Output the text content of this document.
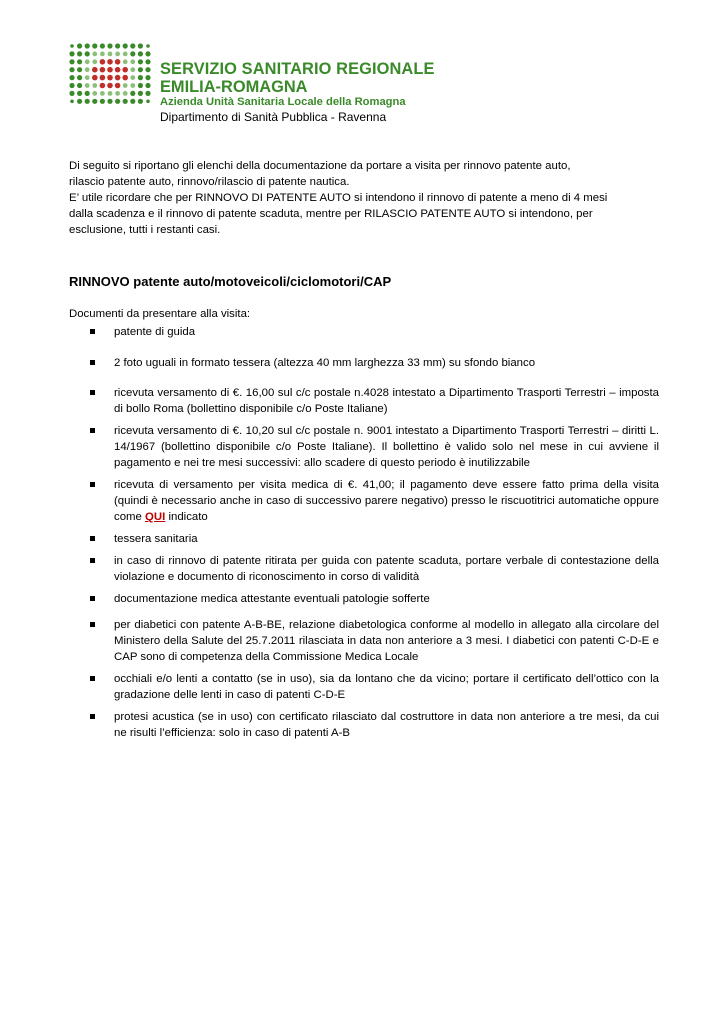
SERVIZIO SANITARIO REGIONALE

EMILIA-ROMAGNA

Azienda Unità Sanitaria Locale della Romagna

Dipartimento di Sanità Pubblica - Ravenna

Di seguito si riportano gli elenchi della documentazione da portare a visita per rinnovo patente auto,

rilascio patente auto, rinnovo/rilascio di patente nautica.

E’ utile ricordare che per RINNOVO DI PATENTE AUTO si intendono il rinnovo di patente a meno di 4 mesi

dalla scadenza e il rinnovo di patente scaduta, mentre per RILASCIO PATENTE AUTO si intendono, per

esclusione, tutti i restanti casi.

RINNOVO patente auto/motoveicoli/ciclomotori/CAP

Documenti da presentare alla visita:

patente di guida
2 foto uguali in formato tessera (altezza 40 mm larghezza 33 mm) su sfondo bianco
ricevuta versamento di €. 16,00 sul c/c postale n.4028 intestato a Dipartimento Trasporti Terrestri – imposta di bollo Roma (bollettino disponibile c/o Poste Italiane)
ricevuta versamento di €. 10,20 sul c/c postale n. 9001 intestato a Dipartimento Trasporti Terrestri – diritti L. 14/1967 (bollettino disponibile c/o Poste Italiane). Il bollettino è valido solo nel mese in cui avviene il pagamento e nei tre mesi successivi: allo scadere di questo periodo è inutilizzabile
ricevuta di versamento per visita medica di €. 41,00; il pagamento deve essere fatto prima della visita (quindi è necessario anche in caso di successivo parere negativo) presso le riscuotitrici automatiche oppure come QUI indicato
tessera sanitaria
in caso di rinnovo di patente ritirata per guida con patente scaduta, portare verbale di contestazione della violazione e documento di riconoscimento in corso di validità
documentazione medica attestante eventuali patologie sofferte
per diabetici con patente A-B-BE, relazione diabetologica conforme al modello in allegato alla circolare del Ministero della Salute del 25.7.2011 rilasciata in data non anteriore a 3 mesi. I diabetici con patenti C-D-E e CAP sono di competenza della Commissione Medica Locale
occhiali e/o lenti a contatto (se in uso), sia da lontano che da vicino; portare il certificato dell’ottico con la gradazione delle lenti in caso di patenti C-D-E
protesi acustica (se in uso) con certificato rilasciato dal costruttore in data non anteriore a tre mesi, da cui ne risulti l’efficienza: solo in caso di patenti A-B
